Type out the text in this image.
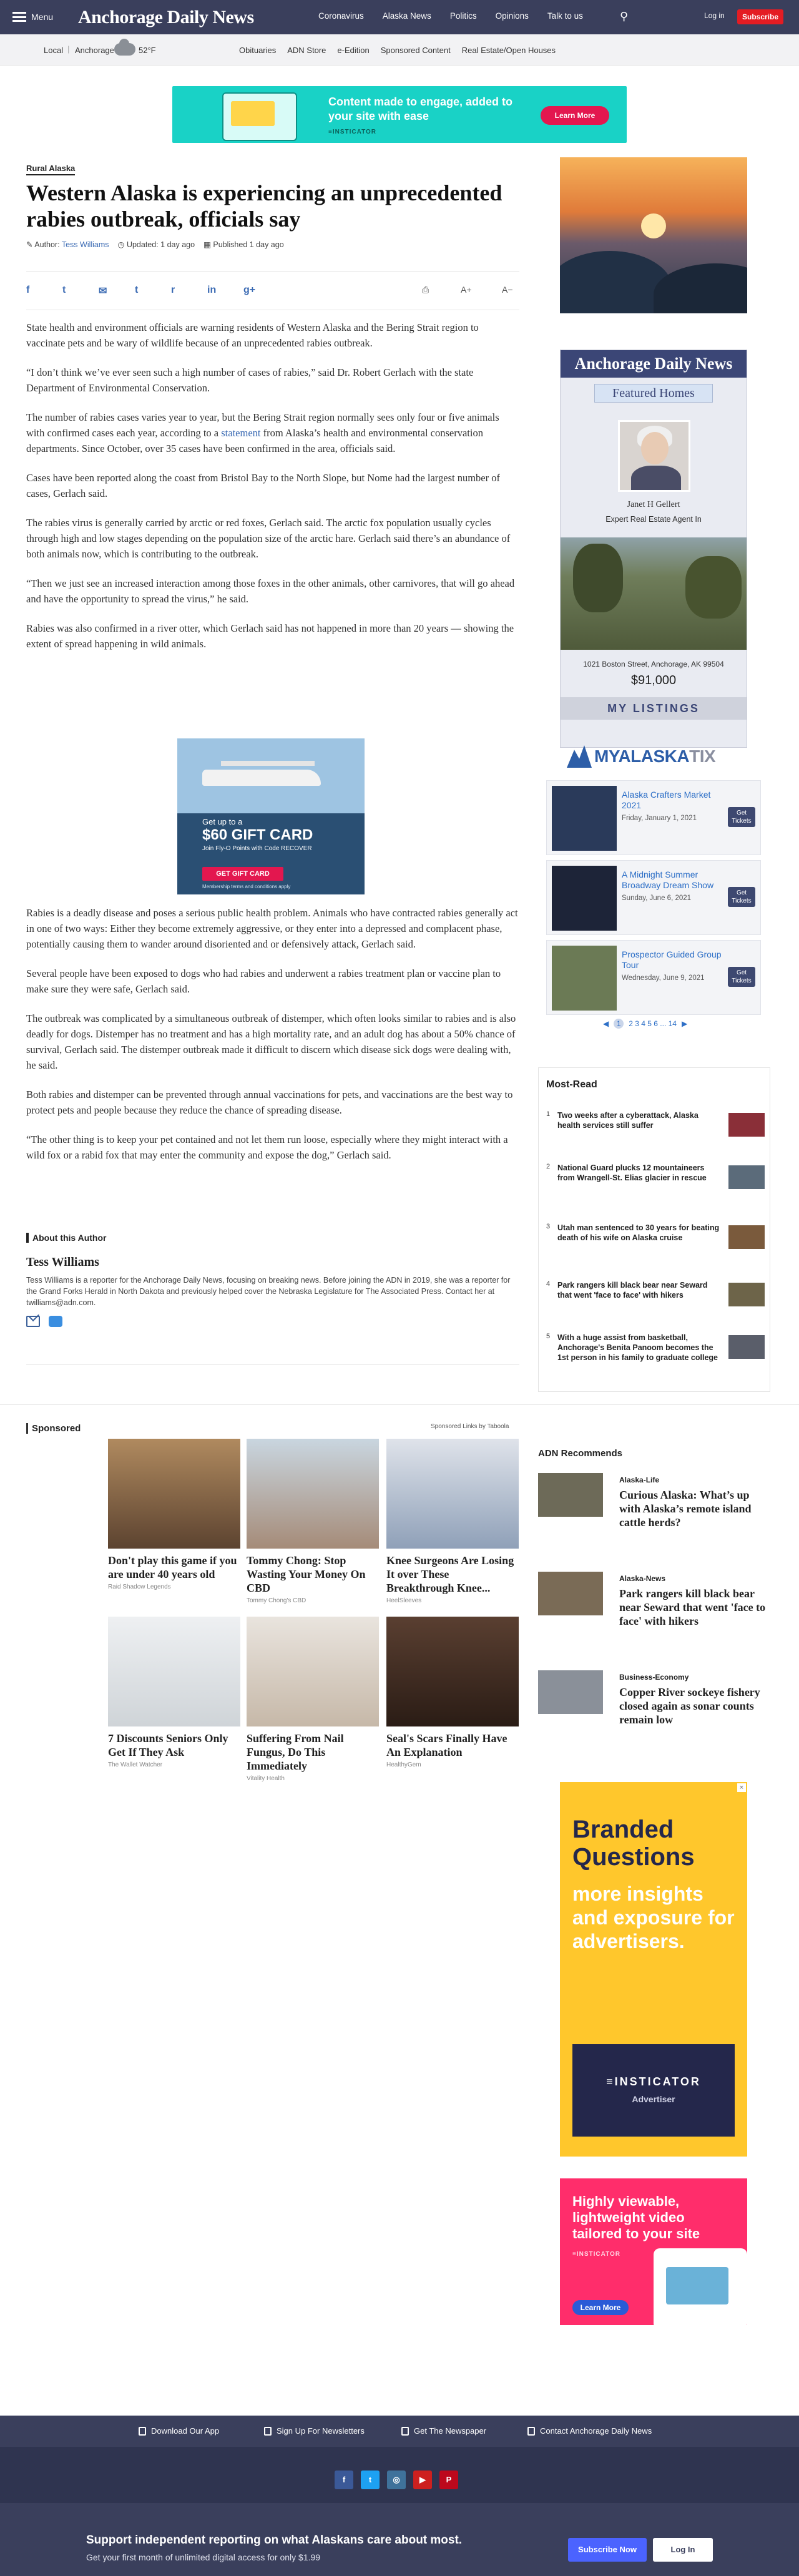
Menu Anchorage Daily News	Coronavirus Alaska News Politics Opinions Talk to us	⚲	Log in	Subscribe
Local | Anchorage	52°F	Obituaries ADN Store e-Edition Sponsored Content Real Estate/Open Houses
Content made to engage, added to your site with ease
≡INSTICATOR
Learn More
Rural Alaska
Western Alaska is experiencing an unprecedented rabies outbreak, officials say
✎ Author: Tess Williams ◷ Updated: 1 day ago ▦ Published 1 day ago
f	t	✉	t	r	in	g+	⎙	A+	A−

State health and environment officials are warning residents of Western Alaska and the Bering Strait region to vaccinate pets and be wary of wildlife because of an unprecedented rabies outbreak.

“I don’t think we’ve ever seen such a high number of cases of rabies,” said Dr. Robert Gerlach with the state Department of Environmental Conservation.

The number of rabies cases varies year to year, but the Bering Strait region normally sees only four or five animals with confirmed cases each year, according to a statement from Alaska’s health and environmental conservation departments. Since October, over 35 cases have been confirmed in the area, officials said.

Cases have been reported along the coast from Bristol Bay to the North Slope, but Nome had the largest number of cases, Gerlach said.

The rabies virus is generally carried by arctic or red foxes, Gerlach said. The arctic fox population usually cycles through high and low stages depending on the population size of the arctic hare. Gerlach said there’s an abundance of both animals now, which is contributing to the outbreak.

“Then we just see an increased interaction among those foxes in the other animals, other carnivores, that will go ahead and have the opportunity to spread the virus,” he said.

Rabies was also confirmed in a river otter, which Gerlach said has not happened in more than 20 years — showing the extent of spread happening in wild animals.

Get up to a
$60 GIFT CARD
Join Fly-O Points with Code RECOVER
GET GIFT CARD
Membership terms and conditions apply

Rabies is a deadly disease and poses a serious public health problem. Animals who have contracted rabies generally act in one of two ways: Either they become extremely aggressive, or they enter into a depressed and complacent phase, potentially causing them to wander around disoriented and or defensively attack, Gerlach said.

Several people have been exposed to dogs who had rabies and underwent a rabies treatment plan or vaccine plan to make sure they were safe, Gerlach said.

The outbreak was complicated by a simultaneous outbreak of distemper, which often looks similar to rabies and is also deadly for dogs. Distemper has no treatment and has a high mortality rate, and an adult dog has about a 50% chance of survival, Gerlach said. The distemper outbreak made it difficult to discern which disease sick dogs were dealing with, he said.

Both rabies and distemper can be prevented through annual vaccinations for pets, and vaccinations are the best way to protect pets and people because they reduce the chance of spreading disease.

“The other thing is to keep your pet contained and not let them run loose, especially where they might interact with a wild fox or a rabid fox that may enter the community and expose the dog,” Gerlach said.

About this Author
Tess Williams
Tess Williams is a reporter for the Anchorage Daily News, focusing on breaking news. Before joining the ADN in 2019, she was a reporter for the Grand Forks Herald in North Dakota and previously helped cover the Nebraska Legislature for The Associated Press. Contact her at twilliams@adn.com.
Anchorage Daily News
Featured Homes
Janet H Gellert
Expert Real Estate Agent In
1021 Boston Street, Anchorage, AK 99504
$91,000
MY LISTINGS
MYALASKATIX
Alaska Crafters Market 2021
Friday, January 1, 2021
Get Tickets
A Midnight Summer Broadway Dream Show
Sunday, June 6, 2021
Get Tickets
Prospector Guided Group Tour
Wednesday, June 9, 2021
Get Tickets
◀	1	2 3 4 5 6 ... 14 ▶
Most-Read
1 Two weeks after a cyberattack, Alaska health services still suffer
2 National Guard plucks 12 mountaineers from Wrangell-St. Elias glacier in rescue
3 Utah man sentenced to 30 years for beating death of his wife on Alaska cruise
4 Park rangers kill black bear near Seward that went 'face to face' with hikers
5 With a huge assist from basketball, Anchorage's Benita Panoom becomes the 1st person in his family to graduate college
Sponsored	Sponsored Links by Taboola
Don't play this game if you are under 40 years old
Raid Shadow Legends
Tommy Chong: Stop Wasting Your Money On CBD
Tommy Chong's CBD
Knee Surgeons Are Losing It over These Breakthrough Knee...
HeelSleeves
7 Discounts Seniors Only Get If They Ask
The Wallet Watcher
Suffering From Nail Fungus, Do This Immediately
Vitality Health
Seal's Scars Finally Have An Explanation
HealthyGem
ADN Recommends
Alaska-Life
Curious Alaska: What’s up with Alaska’s remote island cattle herds?
Alaska-News
Park rangers kill black bear near Seward that went 'face to face' with hikers
Business-Economy
Copper River sockeye fishery closed again as sonar counts remain low
×
Branded Questions
more insights and exposure for advertisers.
≡INSTICATOR
Advertiser
Highly viewable, lightweight video tailored to your site
≡INSTICATOR
Learn More
Download Our App	Sign Up For Newsletters	Get The Newspaper	Contact Anchorage Daily News
f	t	◎	▶	P
Support independent reporting on what Alaskans care about most.
Get your first month of unlimited digital access for only $1.99
Subscribe Now	Log In
